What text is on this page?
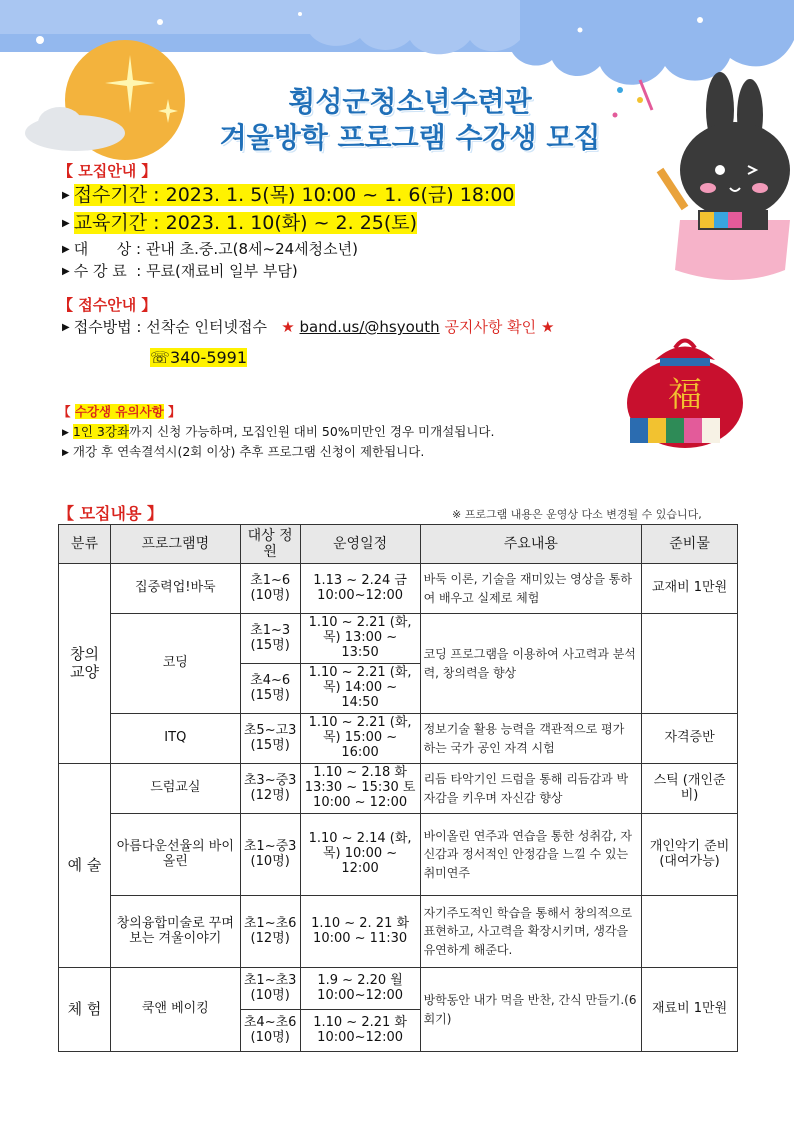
福
횡성군청소년수련관
겨울방학 프로그램 수강생 모집
【 모집안내 】
▶ 접수기간 : 2023. 1. 5(목) 10:00 ~ 1. 6(금) 18:00
▶ 교육기간 : 2023. 1. 10(화) ~ 2. 25(토)
▶ 대      상 : 관내 초.중.고(8세~24세청소년)
▶ 수 강 료  : 무료(재료비 일부 부담)
【 접수안내 】
▶ 접수방법 : 선착순 인터넷접수 ★ band.us/@hsyouth 공지사항 확인 ★
☏340-5991
【 수강생 유의사항 】
▶ 1인 3강좌까지 신청 가능하며, 모집인원 대비 50%미만인 경우 미개설됩니다.
▶ 개강 후 연속결석시(2회 이상) 추후 프로그램 신청이 제한됩니다.
【 모집내용 】	※ 프로그램 내용은 운영상 다소 변경될 수 있습니다,
분류	프로그램명	대상 정원	운영일정	주요내용	준비물
창의 교양	집중력업!바둑	초1~6 (10명)	1.13 ~ 2.24 금 10:00~12:00	바둑 이론, 기술을 재미있는 영상을 통하여 배우고 실제로 체험	교재비 1만원
	코딩	초1~3 (15명)	1.10 ~ 2.21 (화,목) 13:00 ~ 13:50	코딩 프로그램을 이용하여 사고력과 분석력, 창의력을 향상	
		초4~6 (15명)	1.10 ~ 2.21 (화,목) 14:00 ~ 14:50		
	ITQ	초5~고3 (15명)	1.10 ~ 2.21 (화,목) 15:00 ~ 16:00	정보기술 활용 능력을 객관적으로 평가 하는 국가 공인 자격 시험	자격증반
예 술	드럼교실	초3~중3 (12명)	1.10 ~ 2.18 화13:30 ~ 15:30 토10:00 ~ 12:00	리듬 타악기인 드럼을 통해 리듬감과 박자감을 키우며 자신감 향상	스틱 (개인준비)
	아름다운선율의 바이올린	초1~중3 (10명)	1.10 ~ 2.14 (화,목) 10:00 ~ 12:00	바이올린 연주과 연습을 통한 성취감, 자신감과 정서적인 안정감을 느낄 수 있는 취미연주	개인악기 준비 (대여가능)
	창의융합미술로 꾸며보는 겨울이야기	초1~초6 (12명)	1.10 ~ 2. 21 화10:00 ~ 11:30	자기주도적인 학습을 통해서 창의적으로 표현하고, 사고력을 확장시키며, 생각을 유연하게 해준다.	
체 험	쿡앤 베이킹	초1~초3 (10명)	1.9 ~ 2.20 월 10:00~12:00	방학동안 내가 먹을 반찬, 간식 만들기.(6회기)	재료비 1만원
		초4~초6 (10명)	1.10 ~ 2.21 화 10:00~12:00		
